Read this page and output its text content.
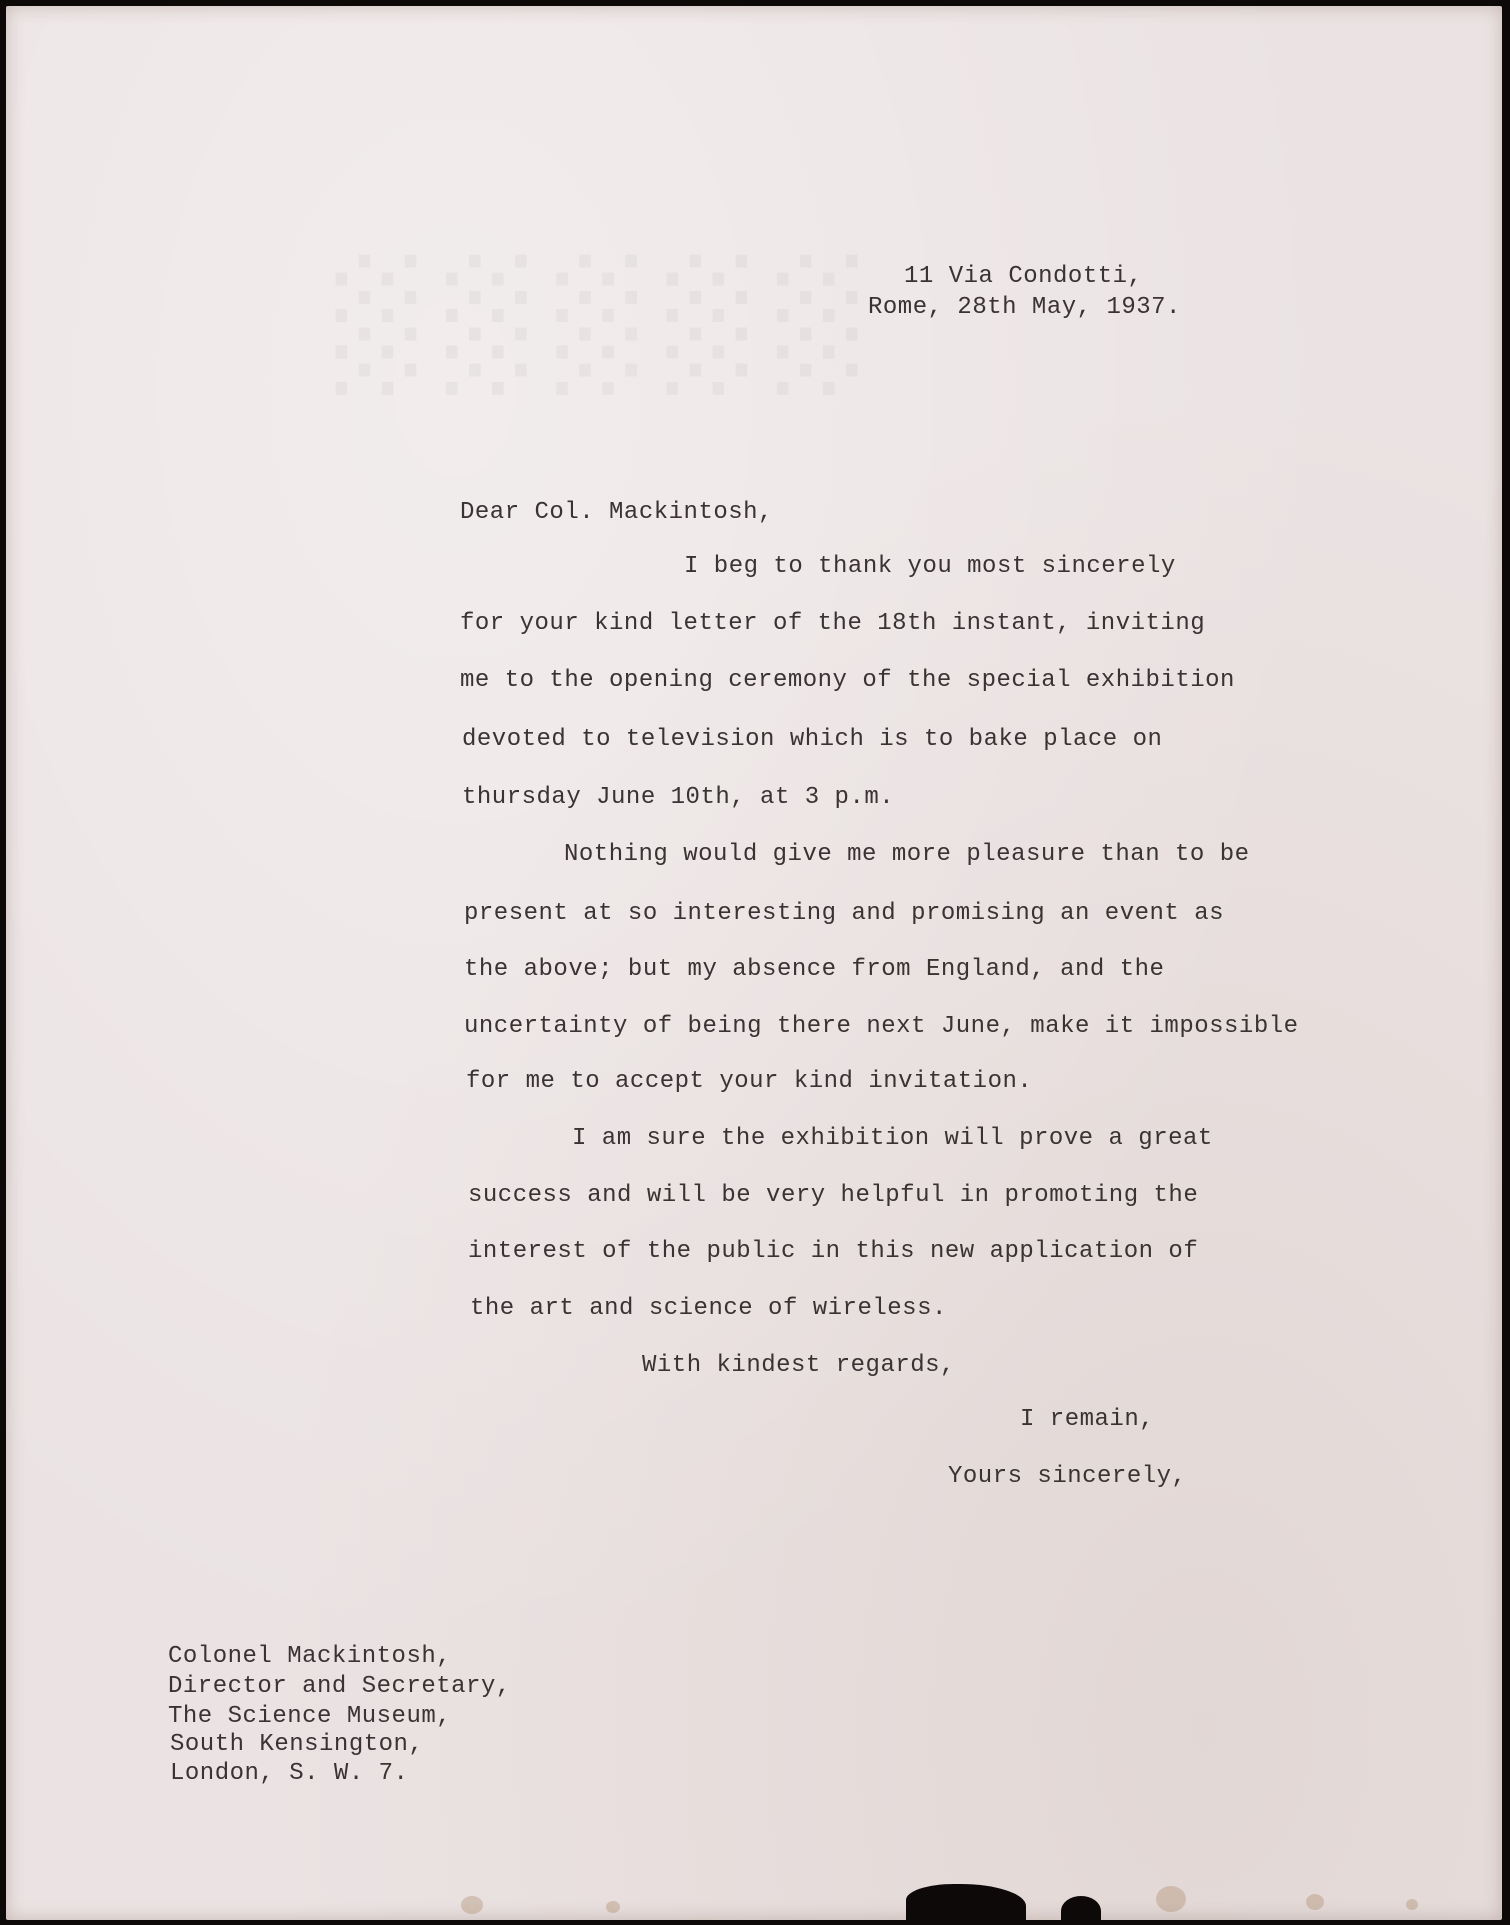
░░░░░ 11 Via Condotti,
Rome, 28th May, 1937.
Dear Col. Mackintosh,
I beg to thank you most sincerely
for your kind letter of the 18th instant, inviting
me to the opening ceremony of the special exhibition
devoted to television which is to bake place on
thursday June 10th, at 3 p.m.
Nothing would give me more pleasure than to be
present at so interesting and promising an event as
the above; but my absence from England, and the
uncertainty of being there next June, make it impossible
for me to accept your kind invitation.
I am sure the exhibition will prove a great
success and will be very helpful in promoting the
interest of the public in this new application of
the art and science of wireless.
With kindest regards,
I remain,
Yours sincerely,
Colonel Mackintosh,
Director and Secretary,
The Science Museum,
South Kensington,
London, S. W. 7.
